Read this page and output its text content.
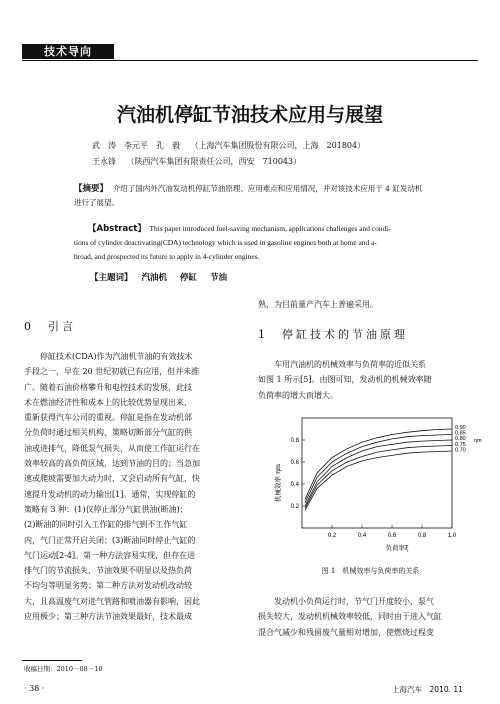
技术导向
汽油机停缸节油技术应用与展望
武　涛　李元平　孔　毅 （上海汽车集团股份有限公司，上海　201804）
王永锋 （陕西汽车集团有限责任公司，西安　710043）
【摘要】 介绍了国内外汽油发动机停缸节油原理、应用难点和应用情况，并对该技术应用于 4 缸发动机
进行了展望。
【Abstract】 This paper introduced fuel-saving mechanism, applications challenges and condi-
tions of cylinder deactivating(CDA) technology which is used in gasoline engines both at home and a-
broad, and prospected its future to apply in 4-cylinder engines.
【主题词】 汽油机 停缸 节油
0　引言
停缸技术(CDA)作为汽油机节油的有效技术
手段之一，早在 20 世纪初就已有应用，但并未推
广。随着石油价格攀升和电控技术的发展，此技
术在燃油经济性和成本上的比较优势显现出来，
重新获得汽车公司的重视。停缸是指在发动机部
分负荷时通过相关机构、策略切断部分气缸的供
油或进排气，降低泵气损失，从而使工作缸运行在
效率较高的高负荷区域，达到节油的目的；当急加
速或爬坡需要加大动力时，又会启动所有气缸，快
速提升发动机的动力输出[1]。通常，实现停缸的
策略有 3 种：(1)仅停止部分气缸供油(断油)；
(2)断油的同时引入工作缸的排气到不工作气缸
内，气门正常开启关闭；(3)断油同时停止气缸的
气门运动[2-4]。第一种方法容易实现，但存在进
排气门的节流损失，节油效果不明显以及热负荷
不均匀等明显劣势；第二种方法对发动机改动较
大，且高温废气对进气管路和喷油器有影响，因此
应用极少；第三种方法节油效果最好，技术最成
熟，为目前量产汽车上普遍采用。
1　停缸技术的节油原理
车用汽油机的机械效率与负荷率的近似关系
如图 1 所示[5]。由图可知，发动机的机械效率随
负荷率的增大而增大。
0.2	0.4	0.6	0.8	1.0
0.2
0.4
0.6
0.8
0.90
0.85
0.80
0.75
0.70
ηm
负荷率ξ
机械效率 ηm
图 1　机械效率与负荷率的关系
发动机小负荷运行时，节气门开度较小，泵气
损失较大，发动机机械效率较低，同时由于进入气缸
混合气减少和残留废气量相对增加，使燃烧过程变
收稿日期：2010－08－10
· 38 ·	上海汽车　2010. 11
